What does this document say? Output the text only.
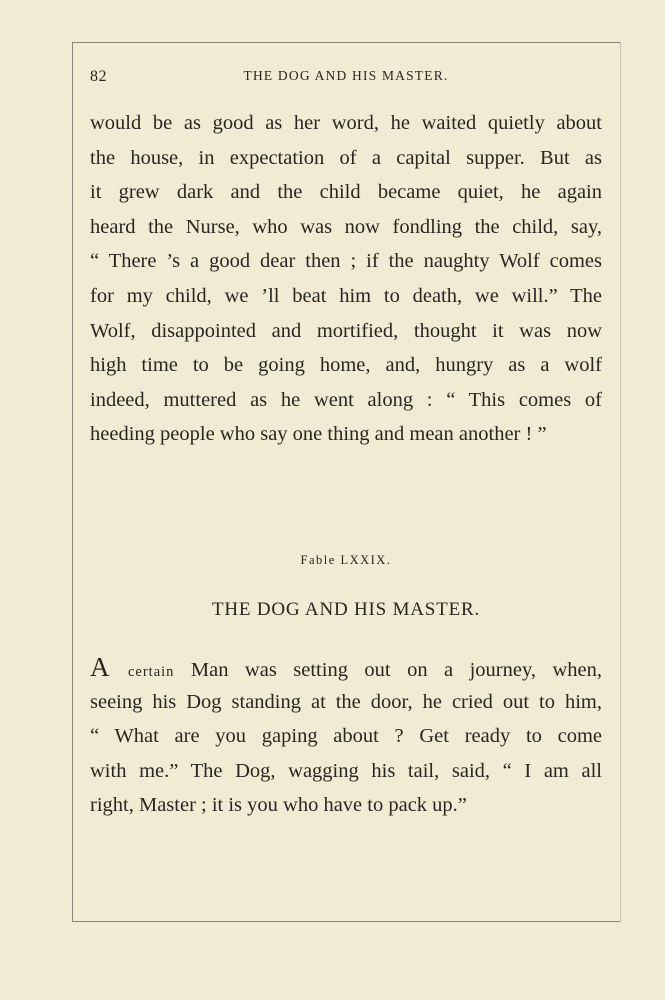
82	THE DOG AND HIS MASTER.

would be as good as her word, he waited quietly about
the house, in expectation of a capital supper. But as
it grew dark and the child became quiet, he again
heard the Nurse, who was now fondling the child, say,
“ There ’s a good dear then ; if the naughty Wolf comes
for my child, we ’ll beat him to death, we will.” The
Wolf, disappointed and mortified, thought it was now
high time to be going home, and, hungry as a wolf
indeed, muttered as he went along : “ This comes of
heeding people who say one thing and mean another ! ”

Fable LXXIX.
THE DOG AND HIS MASTER.

A certain Man was setting out on a journey, when,
seeing his Dog standing at the door, he cried out to him,
“ What are you gaping about ? Get ready to come
with me.” The Dog, wagging his tail, said, “ I am all
right, Master ; it is you who have to pack up.”
